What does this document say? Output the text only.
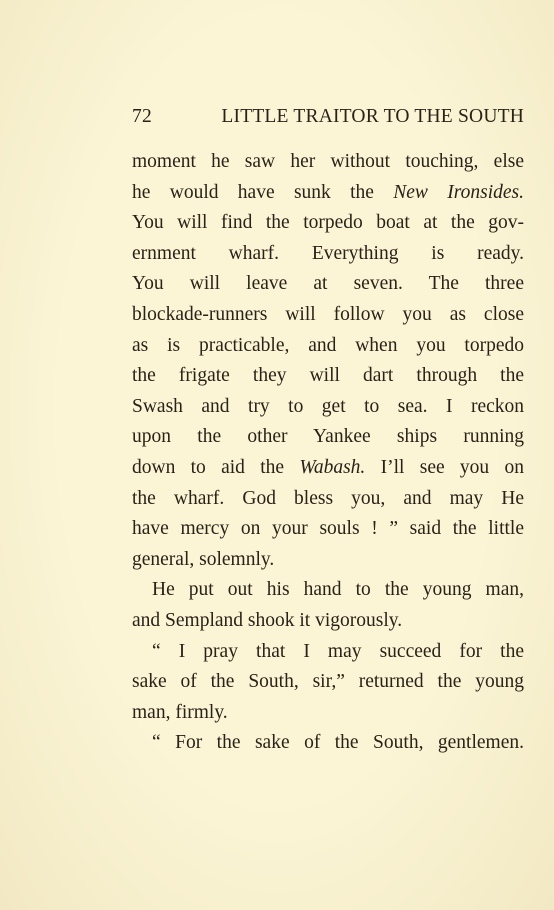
72	LITTLE TRAITOR TO THE SOUTH

moment he saw her without touching, else
he would have sunk the New Ironsides.
You will find the torpedo boat at the gov-
ernment wharf. Everything is ready.
You will leave at seven. The three
blockade-runners will follow you as close
as is practicable, and when you torpedo
the frigate they will dart through the
Swash and try to get to sea. I reckon
upon the other Yankee ships running
down to aid the Wabash. I’ll see you on
the wharf. God bless you, and may He
have mercy on your souls ! ” said the little
general, solemnly.

He put out his hand to the young man,
and Sempland shook it vigorously.

“ I pray that I may succeed for the
sake of the South, sir,” returned the young
man, firmly.

“ For the sake of the South, gentlemen.
